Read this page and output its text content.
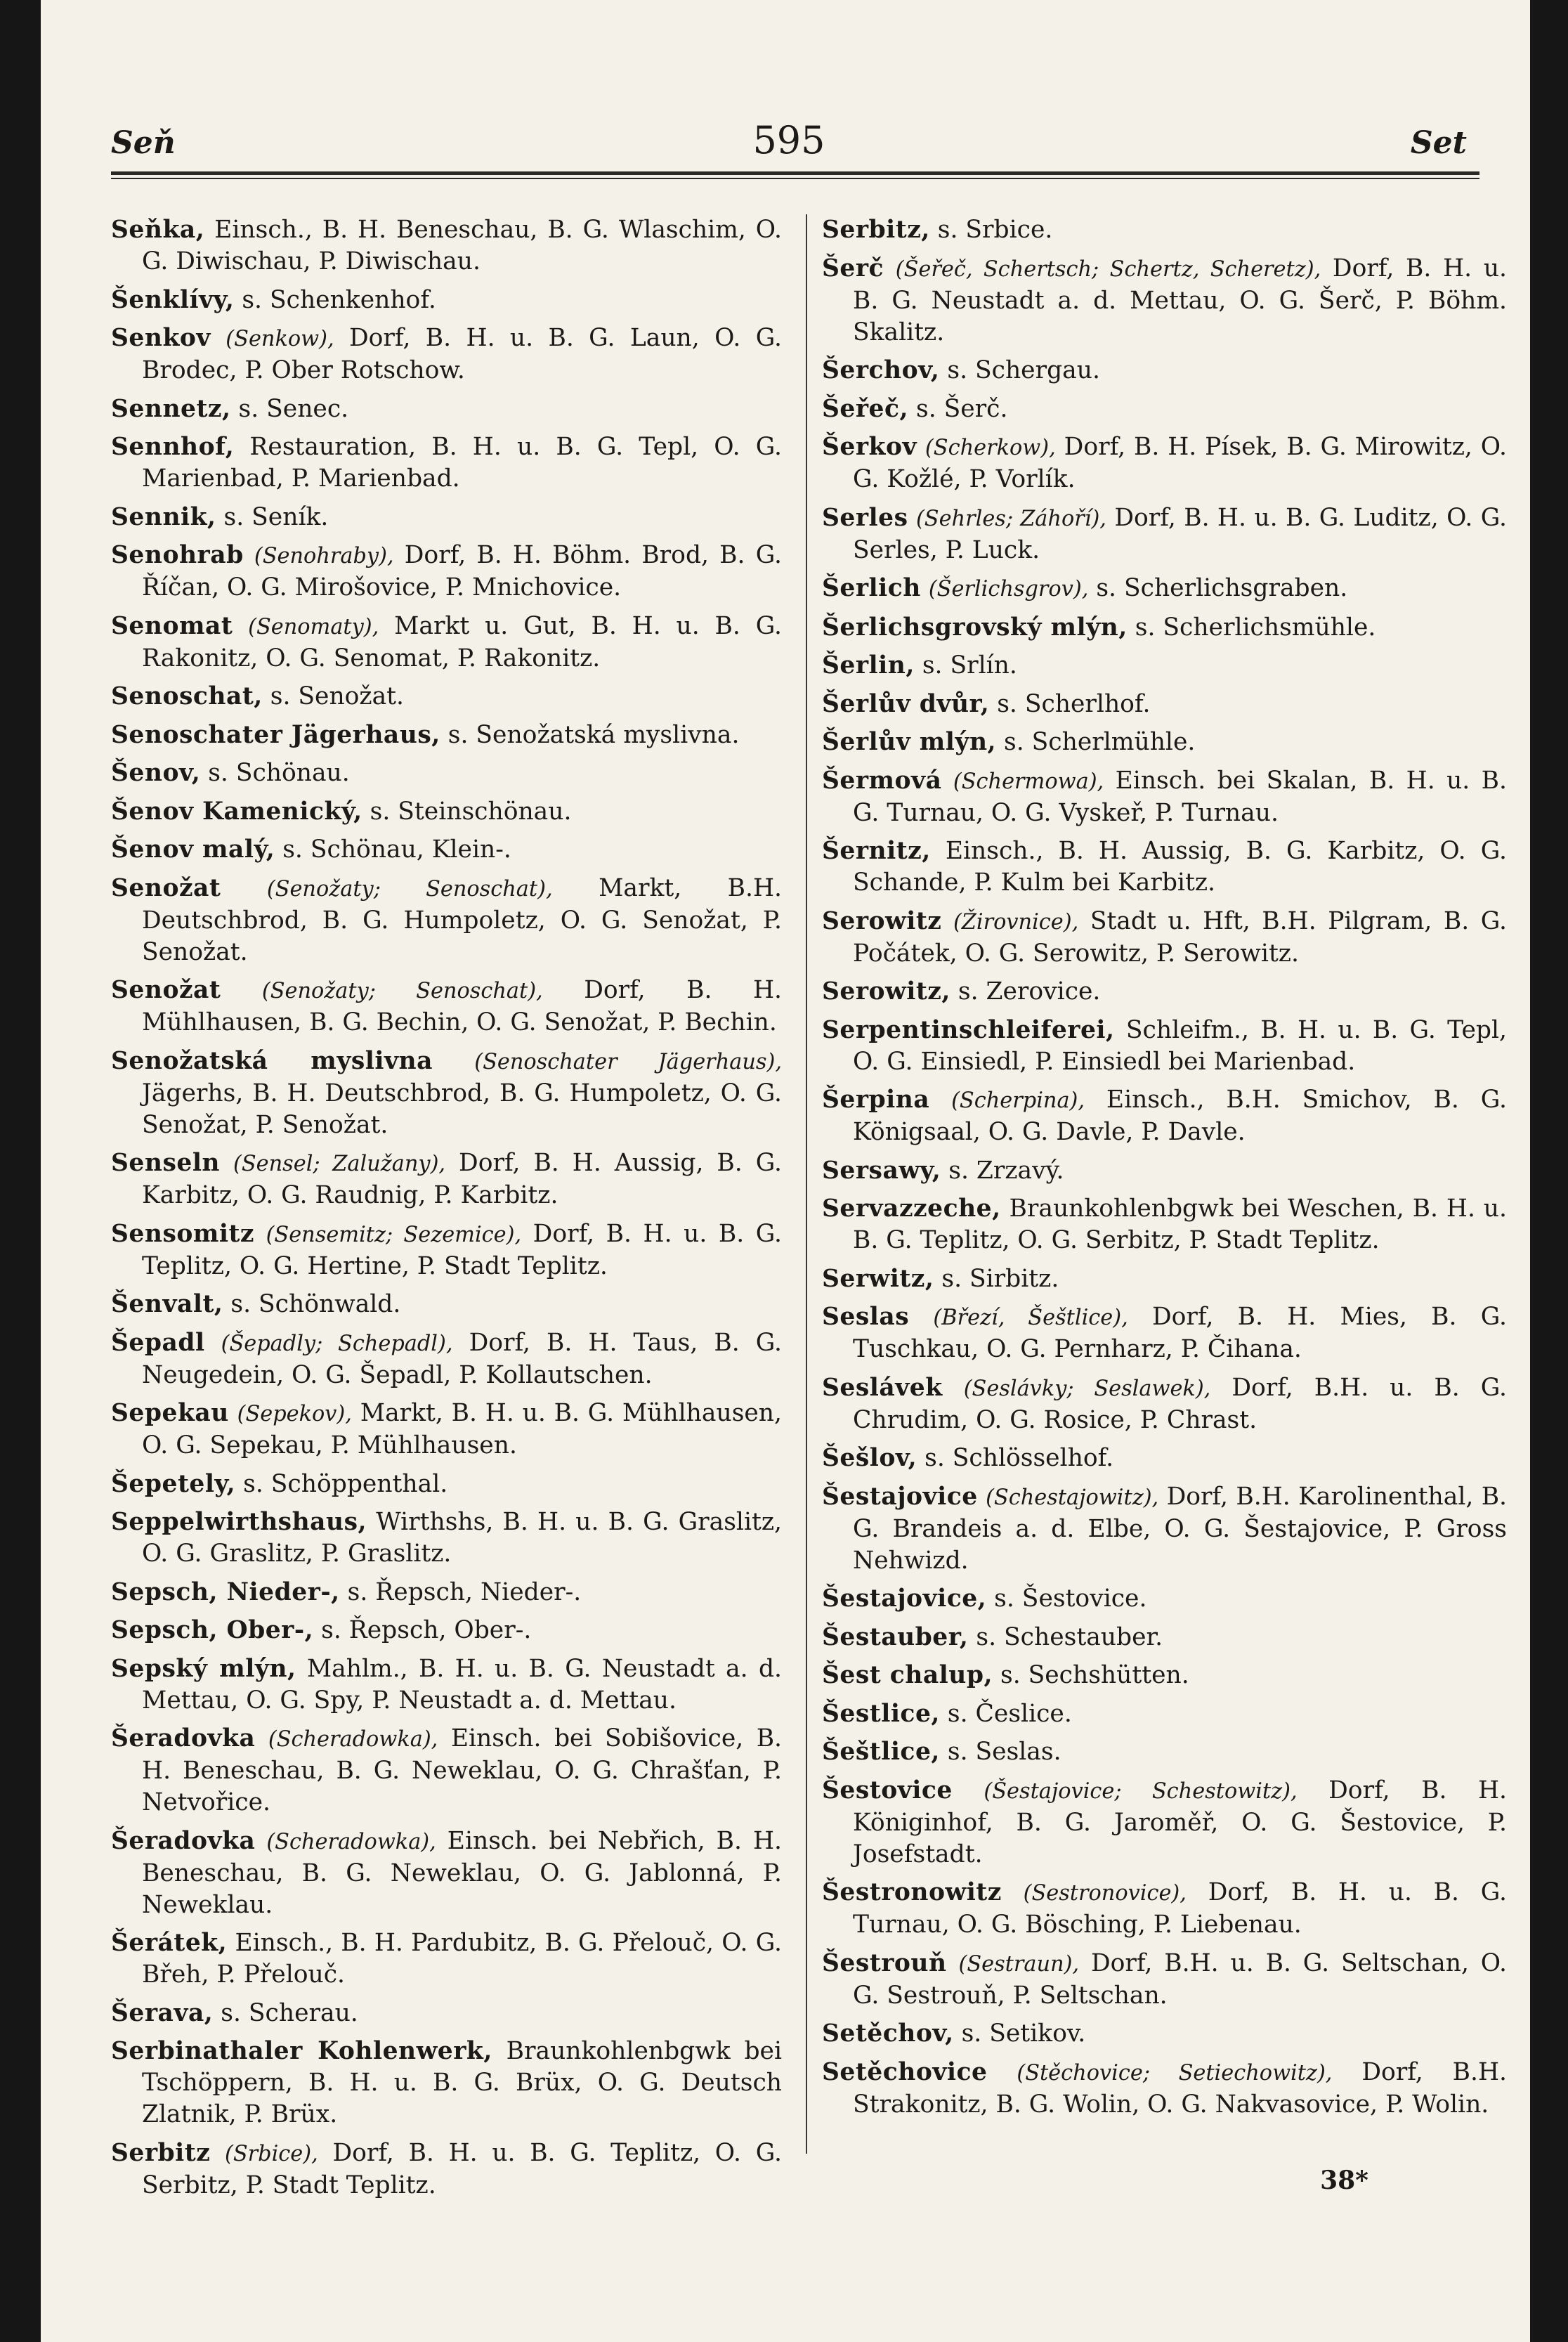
Seň	595	Set

Seňka, Einsch., B. H. Beneschau, B. G. Wlaschim, O. G. Diwischau, P. Diwischau.

Šenklívy, s. Schenkenhof.

Senkov (Senkow), Dorf, B. H. u. B. G. Laun, O. G. Brodec, P. Ober Rotschow.

Sennetz, s. Senec.

Sennhof, Restauration, B. H. u. B. G. Tepl, O. G. Marienbad, P. Marienbad.

Sennik, s. Seník.

Senohrab (Senohraby), Dorf, B. H. Böhm. Brod, B. G. Říčan, O. G. Mirošovice, P. Mnichovice.

Senomat (Senomaty), Markt u. Gut, B. H. u. B. G. Rakonitz, O. G. Senomat, P. Rakonitz.

Senoschat, s. Senožat.

Senoschater Jägerhaus, s. Senožatská myslivna.

Šenov, s. Schönau.

Šenov Kamenický, s. Steinschönau.

Šenov malý, s. Schönau, Klein-.

Senožat (Senožaty; Senoschat), Markt, B.H. Deutschbrod, B. G. Humpoletz, O. G. Senožat, P. Senožat.

Senožat (Senožaty; Senoschat), Dorf, B. H. Mühlhausen, B. G. Bechin, O. G. Senožat, P. Bechin.

Senožatská myslivna (Senoschater Jägerhaus), Jägerhs, B. H. Deutschbrod, B. G. Humpoletz, O. G. Senožat, P. Senožat.

Senseln (Sensel; Zalužany), Dorf, B. H. Aussig, B. G. Karbitz, O. G. Raudnig, P. Karbitz.

Sensomitz (Sensemitz; Sezemice), Dorf, B. H. u. B. G. Teplitz, O. G. Hertine, P. Stadt Teplitz.

Šenvalt, s. Schönwald.

Šepadl (Šepadly; Schepadl), Dorf, B. H. Taus, B. G. Neugedein, O. G. Šepadl, P. Kollautschen.

Sepekau (Sepekov), Markt, B. H. u. B. G. Mühlhausen, O. G. Sepekau, P. Mühlhausen.

Šepetely, s. Schöppenthal.

Seppelwirthshaus, Wirthshs, B. H. u. B. G. Graslitz, O. G. Graslitz, P. Graslitz.

Sepsch, Nieder-, s. Řepsch, Nieder-.

Sepsch, Ober-, s. Řepsch, Ober-.

Sepský mlýn, Mahlm., B. H. u. B. G. Neustadt a. d. Mettau, O. G. Spy, P. Neustadt a. d. Mettau.

Šeradovka (Scheradowka), Einsch. bei Sobišovice, B. H. Beneschau, B. G. Neweklau, O. G. Chrašťan, P. Netvořice.

Šeradovka (Scheradowka), Einsch. bei Nebřich, B. H. Beneschau, B. G. Neweklau, O. G. Jablonná, P. Neweklau.

Šerátek, Einsch., B. H. Pardubitz, B. G. Přelouč, O. G. Břeh, P. Přelouč.

Šerava, s. Scherau.

Serbinathaler Kohlenwerk, Braunkohlenbgwk bei Tschöppern, B. H. u. B. G. Brüx, O. G. Deutsch Zlatnik, P. Brüx.

Serbitz (Srbice), Dorf, B. H. u. B. G. Teplitz, O. G. Serbitz, P. Stadt Teplitz.

Serbitz, s. Srbice.

Šerč (Šeřeč, Schertsch; Schertz, Scheretz), Dorf, B. H. u. B. G. Neustadt a. d. Mettau, O. G. Šerč, P. Böhm. Skalitz.

Šerchov, s. Schergau.

Šeřeč, s. Šerč.

Šerkov (Scherkow), Dorf, B. H. Písek, B. G. Mirowitz, O. G. Kožlé, P. Vorlík.

Serles (Sehrles; Záhoří), Dorf, B. H. u. B. G. Luditz, O. G. Serles, P. Luck.

Šerlich (Šerlichsgrov), s. Scherlichsgraben.

Šerlichsgrovský mlýn, s. Scherlichsmühle.

Šerlin, s. Srlín.

Šerlův dvůr, s. Scherlhof.

Šerlův mlýn, s. Scherlmühle.

Šermová (Schermowa), Einsch. bei Skalan, B. H. u. B. G. Turnau, O. G. Vyskeř, P. Turnau.

Šernitz, Einsch., B. H. Aussig, B. G. Karbitz, O. G. Schande, P. Kulm bei Karbitz.

Serowitz (Žirovnice), Stadt u. Hft, B.H. Pilgram, B. G. Počátek, O. G. Serowitz, P. Serowitz.

Serowitz, s. Zerovice.

Serpentinschleiferei, Schleifm., B. H. u. B. G. Tepl, O. G. Einsiedl, P. Einsiedl bei Marienbad.

Šerpina (Scherpina), Einsch., B.H. Smichov, B. G. Königsaal, O. G. Davle, P. Davle.

Sersawy, s. Zrzavý.

Servazzeche, Braunkohlenbgwk bei Weschen, B. H. u. B. G. Teplitz, O. G. Serbitz, P. Stadt Teplitz.

Serwitz, s. Sirbitz.

Seslas (Březí, Šeštlice), Dorf, B. H. Mies, B. G. Tuschkau, O. G. Pernharz, P. Čihana.

Seslávek (Seslávky; Seslawek), Dorf, B.H. u. B. G. Chrudim, O. G. Rosice, P. Chrast.

Šešlov, s. Schlösselhof.

Šestajovice (Schestajowitz), Dorf, B.H. Karolinenthal, B. G. Brandeis a. d. Elbe, O. G. Šestajovice, P. Gross Nehwizd.

Šestajovice, s. Šestovice.

Šestauber, s. Schestauber.

Šest chalup, s. Sechshütten.

Šestlice, s. Česlice.

Šeštlice, s. Seslas.

Šestovice (Šestajovice; Schestowitz), Dorf, B. H. Königinhof, B. G. Jaroměř, O. G. Šestovice, P. Josefstadt.

Šestronowitz (Sestronovice), Dorf, B. H. u. B. G. Turnau, O. G. Bösching, P. Liebenau.

Šestrouň (Sestraun), Dorf, B.H. u. B. G. Seltschan, O. G. Sestrouň, P. Seltschan.

Setěchov, s. Setikov.

Setěchovice (Stěchovice; Setiechowitz), Dorf, B.H. Strakonitz, B. G. Wolin, O. G. Nakvasovice, P. Wolin.

38*
